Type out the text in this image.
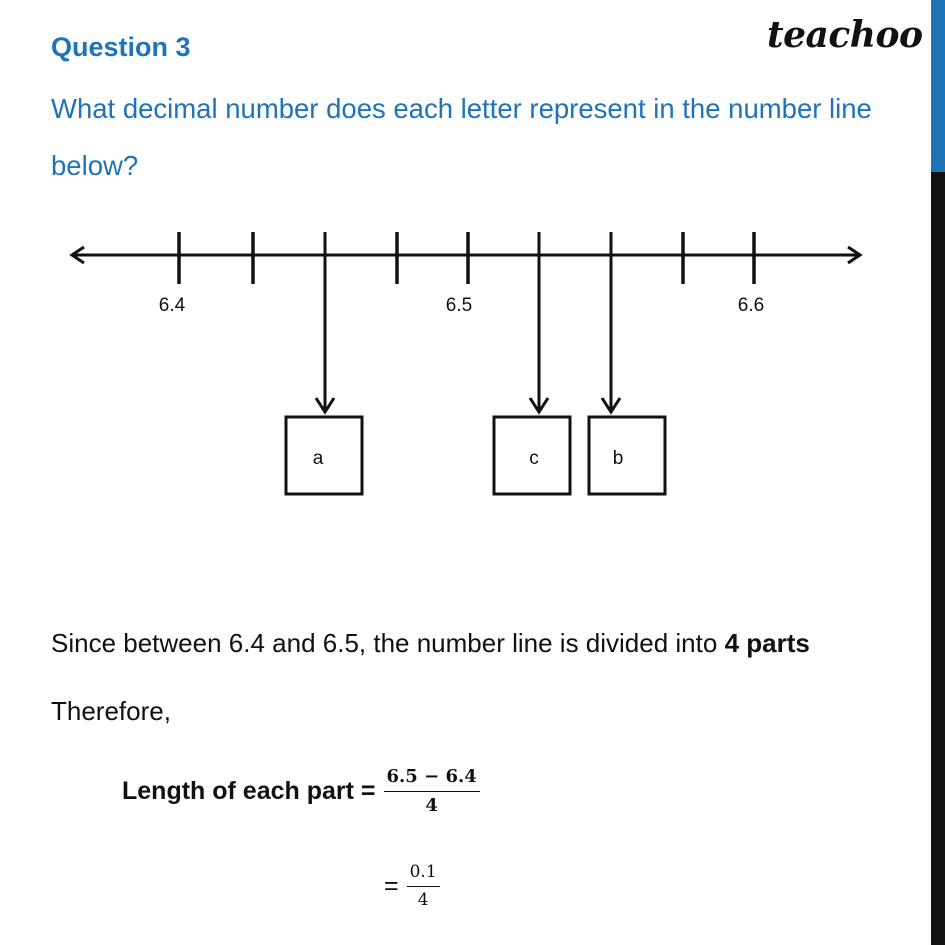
Question 3	teachoo
What decimal number does each letter represent in the number line below?
6.4	6.5	6.6
a	c	b
Since between 6.4 and 6.5, the number line is divided into 4 parts
Therefore,
Length of each part = $\frac{6.5 - 6.4}{4}$
= $\frac{0.1}{4}$
